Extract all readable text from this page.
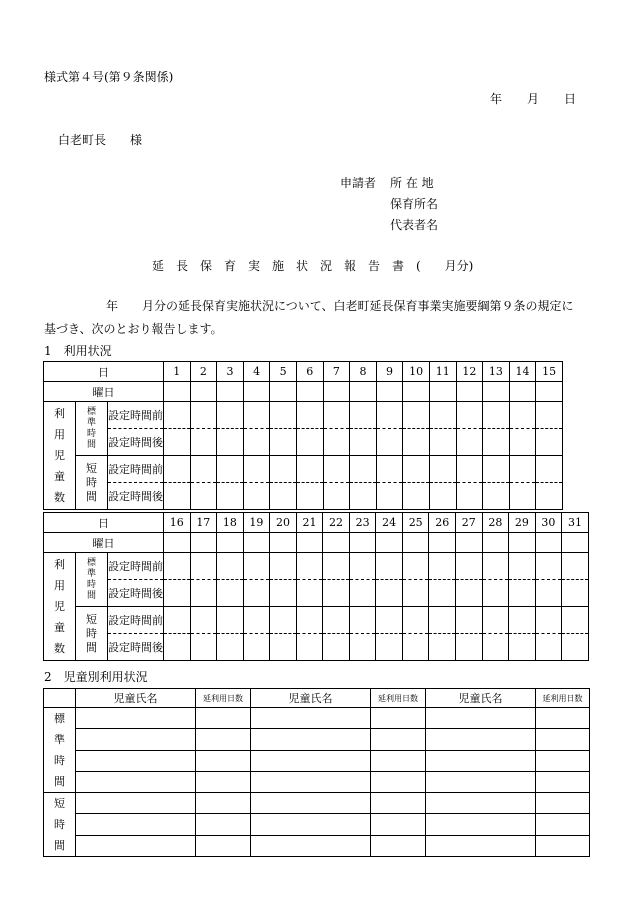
様式第４号(第９条関係)
年 月 日
白老町長　　様
申請者 所 在 地
保育所名
代表者名
延　長　保　育　実　施　状　況　報　告　書　(　　月分)
年　　月分の延長保育実施状況について、白老町延長保育事業実施要綱第９条の規定に
基づき、次のとおり報告します。
1　利用状況
日			1	2	3	4	5	6	7	8	9	10	11	12	13	14	15
曜日																	

利用児童数	標準時間	設定時間前															
		設定時間後															

	短時間	設定時間前															
		設定時間後															
日			16	17	18	19	20	21	22	23	24	25	26	27	28	29	30	31
曜日																		

利用児童数	標準時間	設定時間前																
		設定時間後																

	短時間	設定時間前																
		設定時間後																
2　児童別利用状況
	児童氏名	延利用日数	児童氏名	延利用日数	児童氏名	延利用日数

標準時間						

短時間						
